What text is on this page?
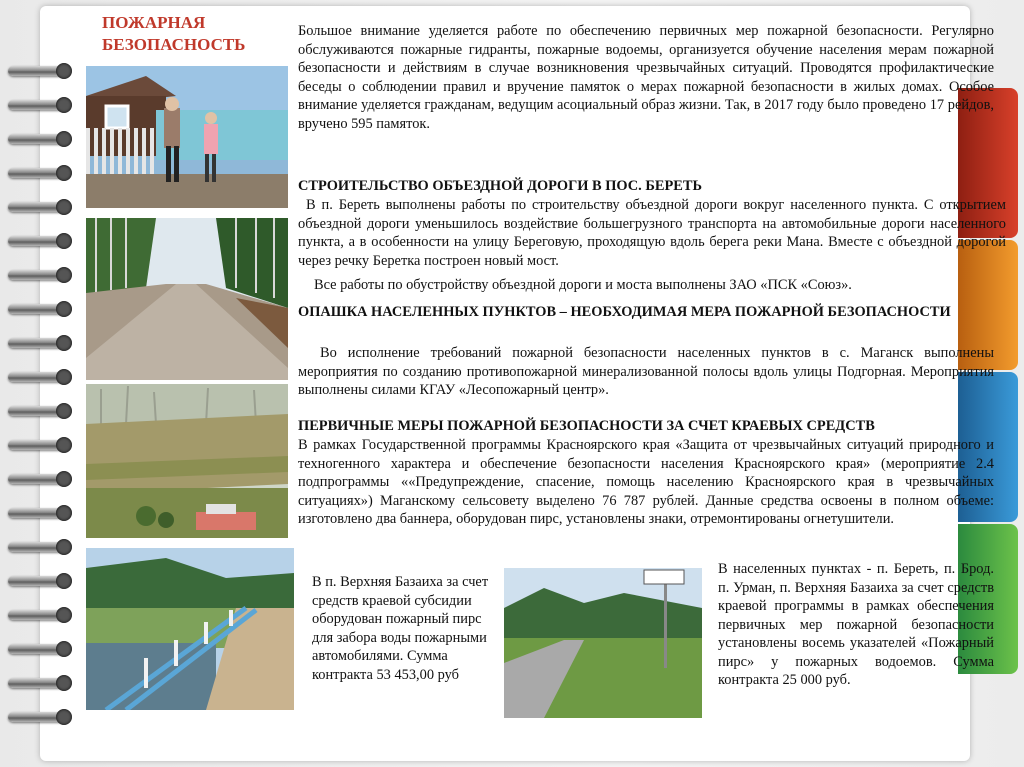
ПОЖАРНАЯ БЕЗОПАСНОСТЬ

Большое внимание уделяется работе по обеспечению первичных мер пожарной безопасности. Регулярно обслуживаются пожарные гидранты, пожарные водоемы, организуется обучение населения мерам пожарной безопасности и действиям в случае возникновения чрезвычайных ситуаций. Проводятся профилактические беседы о соблюдении правил и вручение памяток о мерах пожарной безопасности в жилых домах. Особое внимание уделяется гражданам, ведущим асоциальный образ жизни. Так, в 2017 году было проведено 17 рейдов, вручено 595 памяток.

СТРОИТЕЛЬСТВО ОБЪЕЗДНОЙ ДОРОГИ В ПОС. БЕРЕТЬ

В п. Береть выполнены работы по строительству объездной дороги вокруг населенного пункта. С открытием объездной дороги уменьшилось воздействие большегрузного транспорта на автомобильные дороги населенного пункта, а в особенности на улицу Береговую, проходящую вдоль берега реки Мана. Вместе с объездной дорогой через речку Беретка построен новый мост.

Все работы по обустройству объездной дороги и моста выполнены ЗАО «ПСК «Союз».

ОПАШКА НАСЕЛЕННЫХ ПУНКТОВ – НЕОБХОДИМАЯ МЕРА ПОЖАРНОЙ БЕЗОПАСНОСТИ

Во исполнение требований пожарной безопасности населенных пунктов в с. Маганск выполнены мероприятия по созданию противопожарной минерализованной полосы вдоль улицы Подгорная. Мероприятия выполнены силами КГАУ «Лесопожарный центр».

ПЕРВИЧНЫЕ МЕРЫ ПОЖАРНОЙ БЕЗОПАСНОСТИ ЗА СЧЕТ КРАЕВЫХ СРЕДСТВ

В рамках Государственной программы Красноярского края «Защита от чрезвычайных ситуаций природного и техногенного характера и обеспечение безопасности населения Красноярского края» (мероприятие 2.4 подпрограммы ««Предупреждение, спасение, помощь населению Красноярского края в чрезвычайных ситуациях») Маганскому сельсовету выделено 76 787 рублей. Данные средства освоены в полном объеме: изготовлено два баннера, оборудован пирс, установлены знаки, отремонтированы огнетушители.

В п. Верхняя Базаиха за счет средств краевой субсидии оборудован пожарный пирс для забора воды пожарными автомобилями. Сумма контракта 53 453,00 руб

В населенных пунктах - п. Береть, п. Брод. п. Урман, п. Верхняя Базаиха за счет средств краевой программы в рамках обеспечения первичных мер пожарной безопасности установлены восемь указателей «Пожарный пирс» у пожарных водоемов. Сумма контракта 25 000 руб.
